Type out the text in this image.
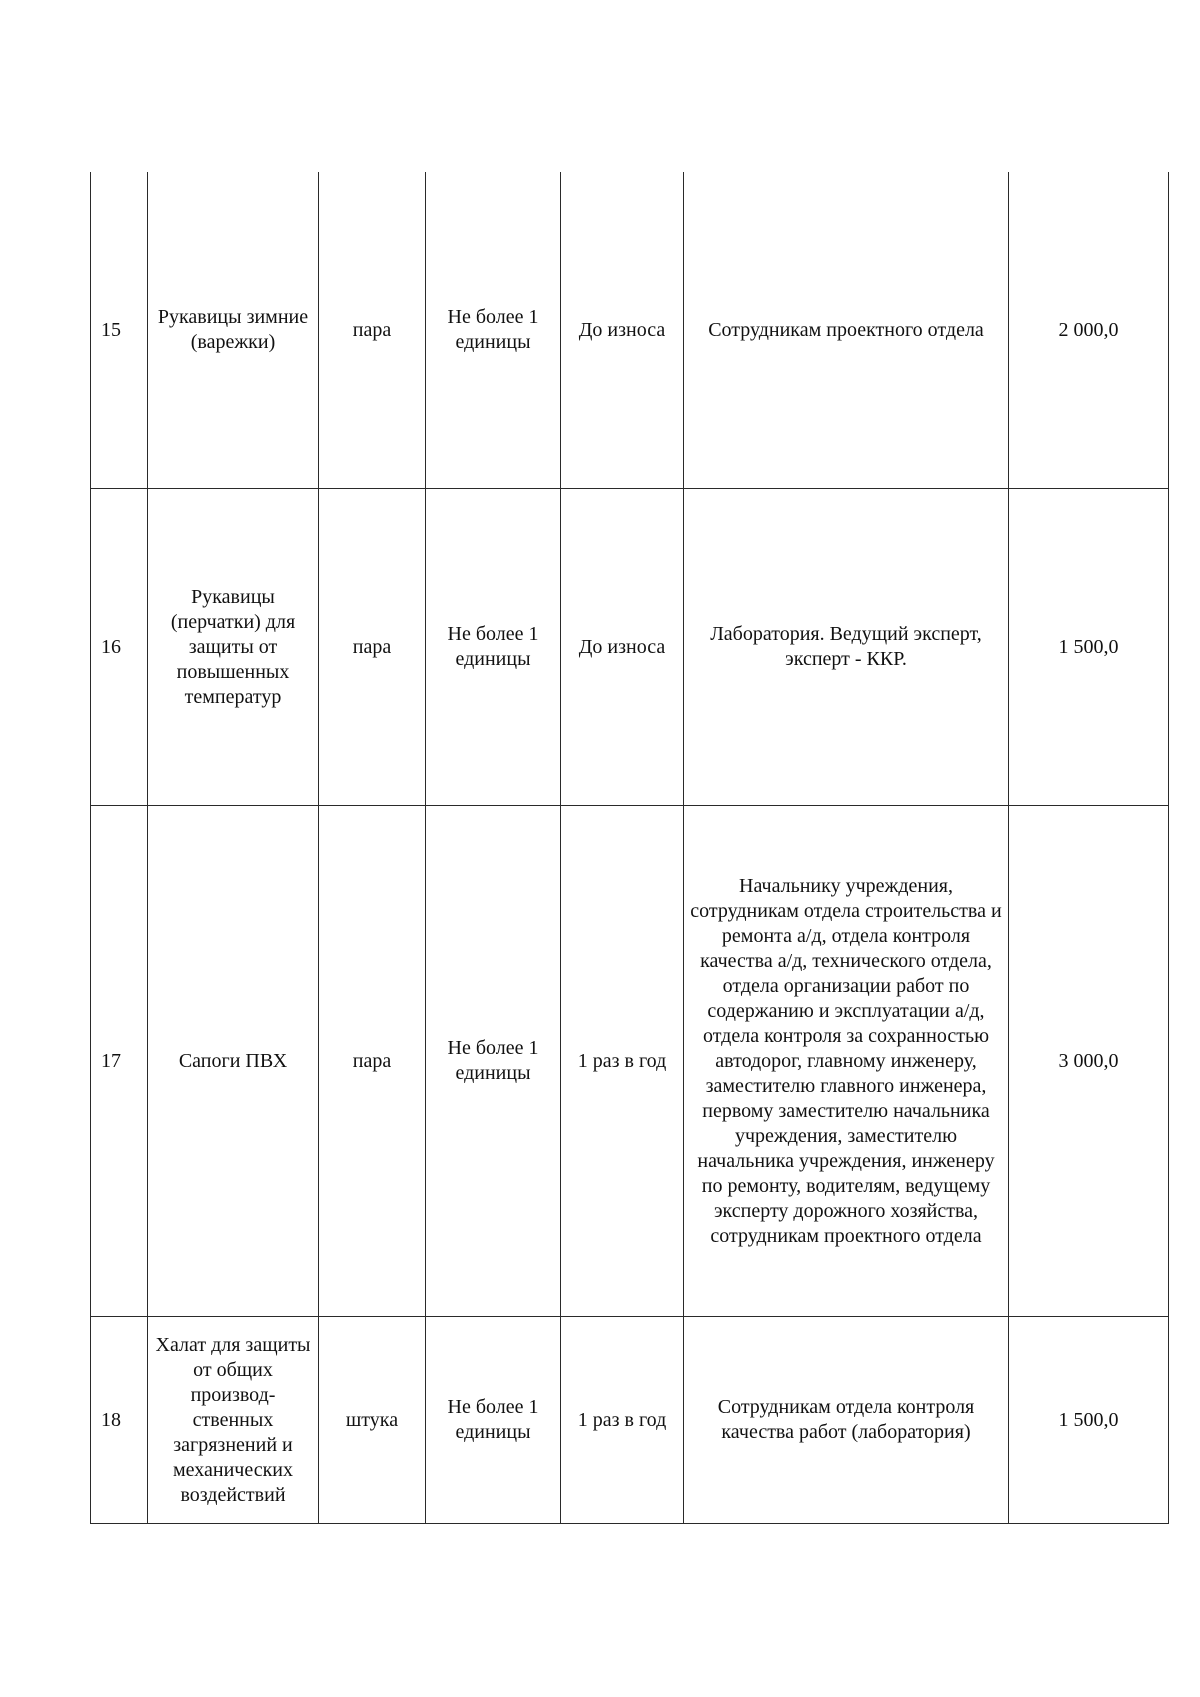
15	Рукавицы зимние (варежки)	пара	Не более 1 единицы	До износа	Сотрудникам проектного отдела	2 000,0
16	Рукавицы (перчатки) для защиты от повышенных температур	пара	Не более 1 единицы	До износа	Лаборатория. Ведущий эксперт, эксперт - ККР.	1 500,0
17	Сапоги ПВХ	пара	Не более 1 единицы	1 раз в год	Начальнику учреждения, сотрудникам отдела строительства и ремонта а/д, отдела контроля качества а/д, технического отдела, отдела организации работ по содержанию и эксплуатации а/д, отдела контроля за сохранностью автодорог, главному инженеру, заместителю главного инженера, первому заместителю начальника учреждения, заместителю начальника учреждения, инженеру по ремонту, водителям, ведущему эксперту дорожного хозяйства, сотрудникам проектного отдела	3 000,0
18	Халат для защиты от общих производ- ственных загрязнений и механических воздействий	штука	Не более 1 единицы	1 раз в год	Сотрудникам отдела контроля качества работ (лаборатория)	1 500,0
